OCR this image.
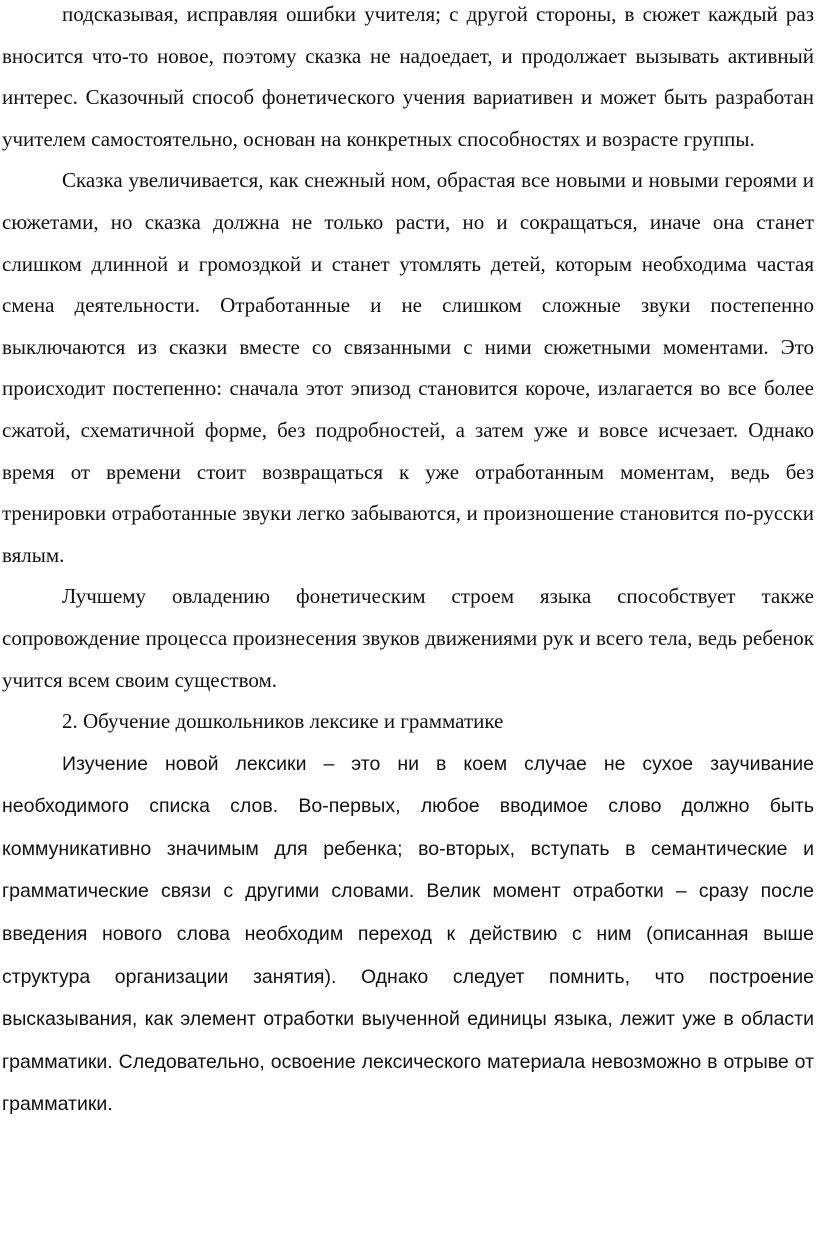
подсказывая, исправляя ошибки учителя; с другой стороны, в сюжет каждый раз вносится что-то новое, поэтому сказка не надоедает, и продолжает вызывать активный интерес. Сказочный способ фонетического учения вариативен и может быть разработан учителем самостоятельно, основан на конкретных способностях и возрасте группы.

Сказка увеличивается, как снежный ном, обрастая все новыми и новыми героями и сюжетами, но сказка должна не только расти, но и сокращаться, иначе она станет слишком длинной и громоздкой и станет утомлять детей, которым необходима частая смена деятельности. Отработанные и не слишком сложные звуки постепенно выключаются из сказки вместе со связанными с ними сюжетными моментами. Это происходит постепенно: сначала этот эпизод становится короче, излагается во все более сжатой, схематичной форме, без подробностей, а затем уже и вовсе исчезает. Однако время от времени стоит возвращаться к уже отработанным моментам, ведь без тренировки отработанные звуки легко забываются, и произношение становится по-русски вялым.

Лучшему овладению фонетическим строем языка способствует также сопровождение процесса произнесения звуков движениями рук и всего тела, ведь ребенок учится всем своим существом.

2. Обучение дошкольников лексике и грамматике

Изучение новой лексики – это ни в коем случае не сухое заучивание необходимого списка слов. Во-первых, любое вводимое слово должно быть коммуникативно значимым для ребенка; во-вторых, вступать в семантические и грамматические связи с другими словами. Велик момент отработки – сразу после введения нового слова необходим переход к действию с ним (описанная выше структура организации занятия). Однако следует помнить, что построение высказывания, как элемент отработки выученной единицы языка, лежит уже в области грамматики. Следовательно, освоение лексического материала невозможно в отрыве от грамматики.
